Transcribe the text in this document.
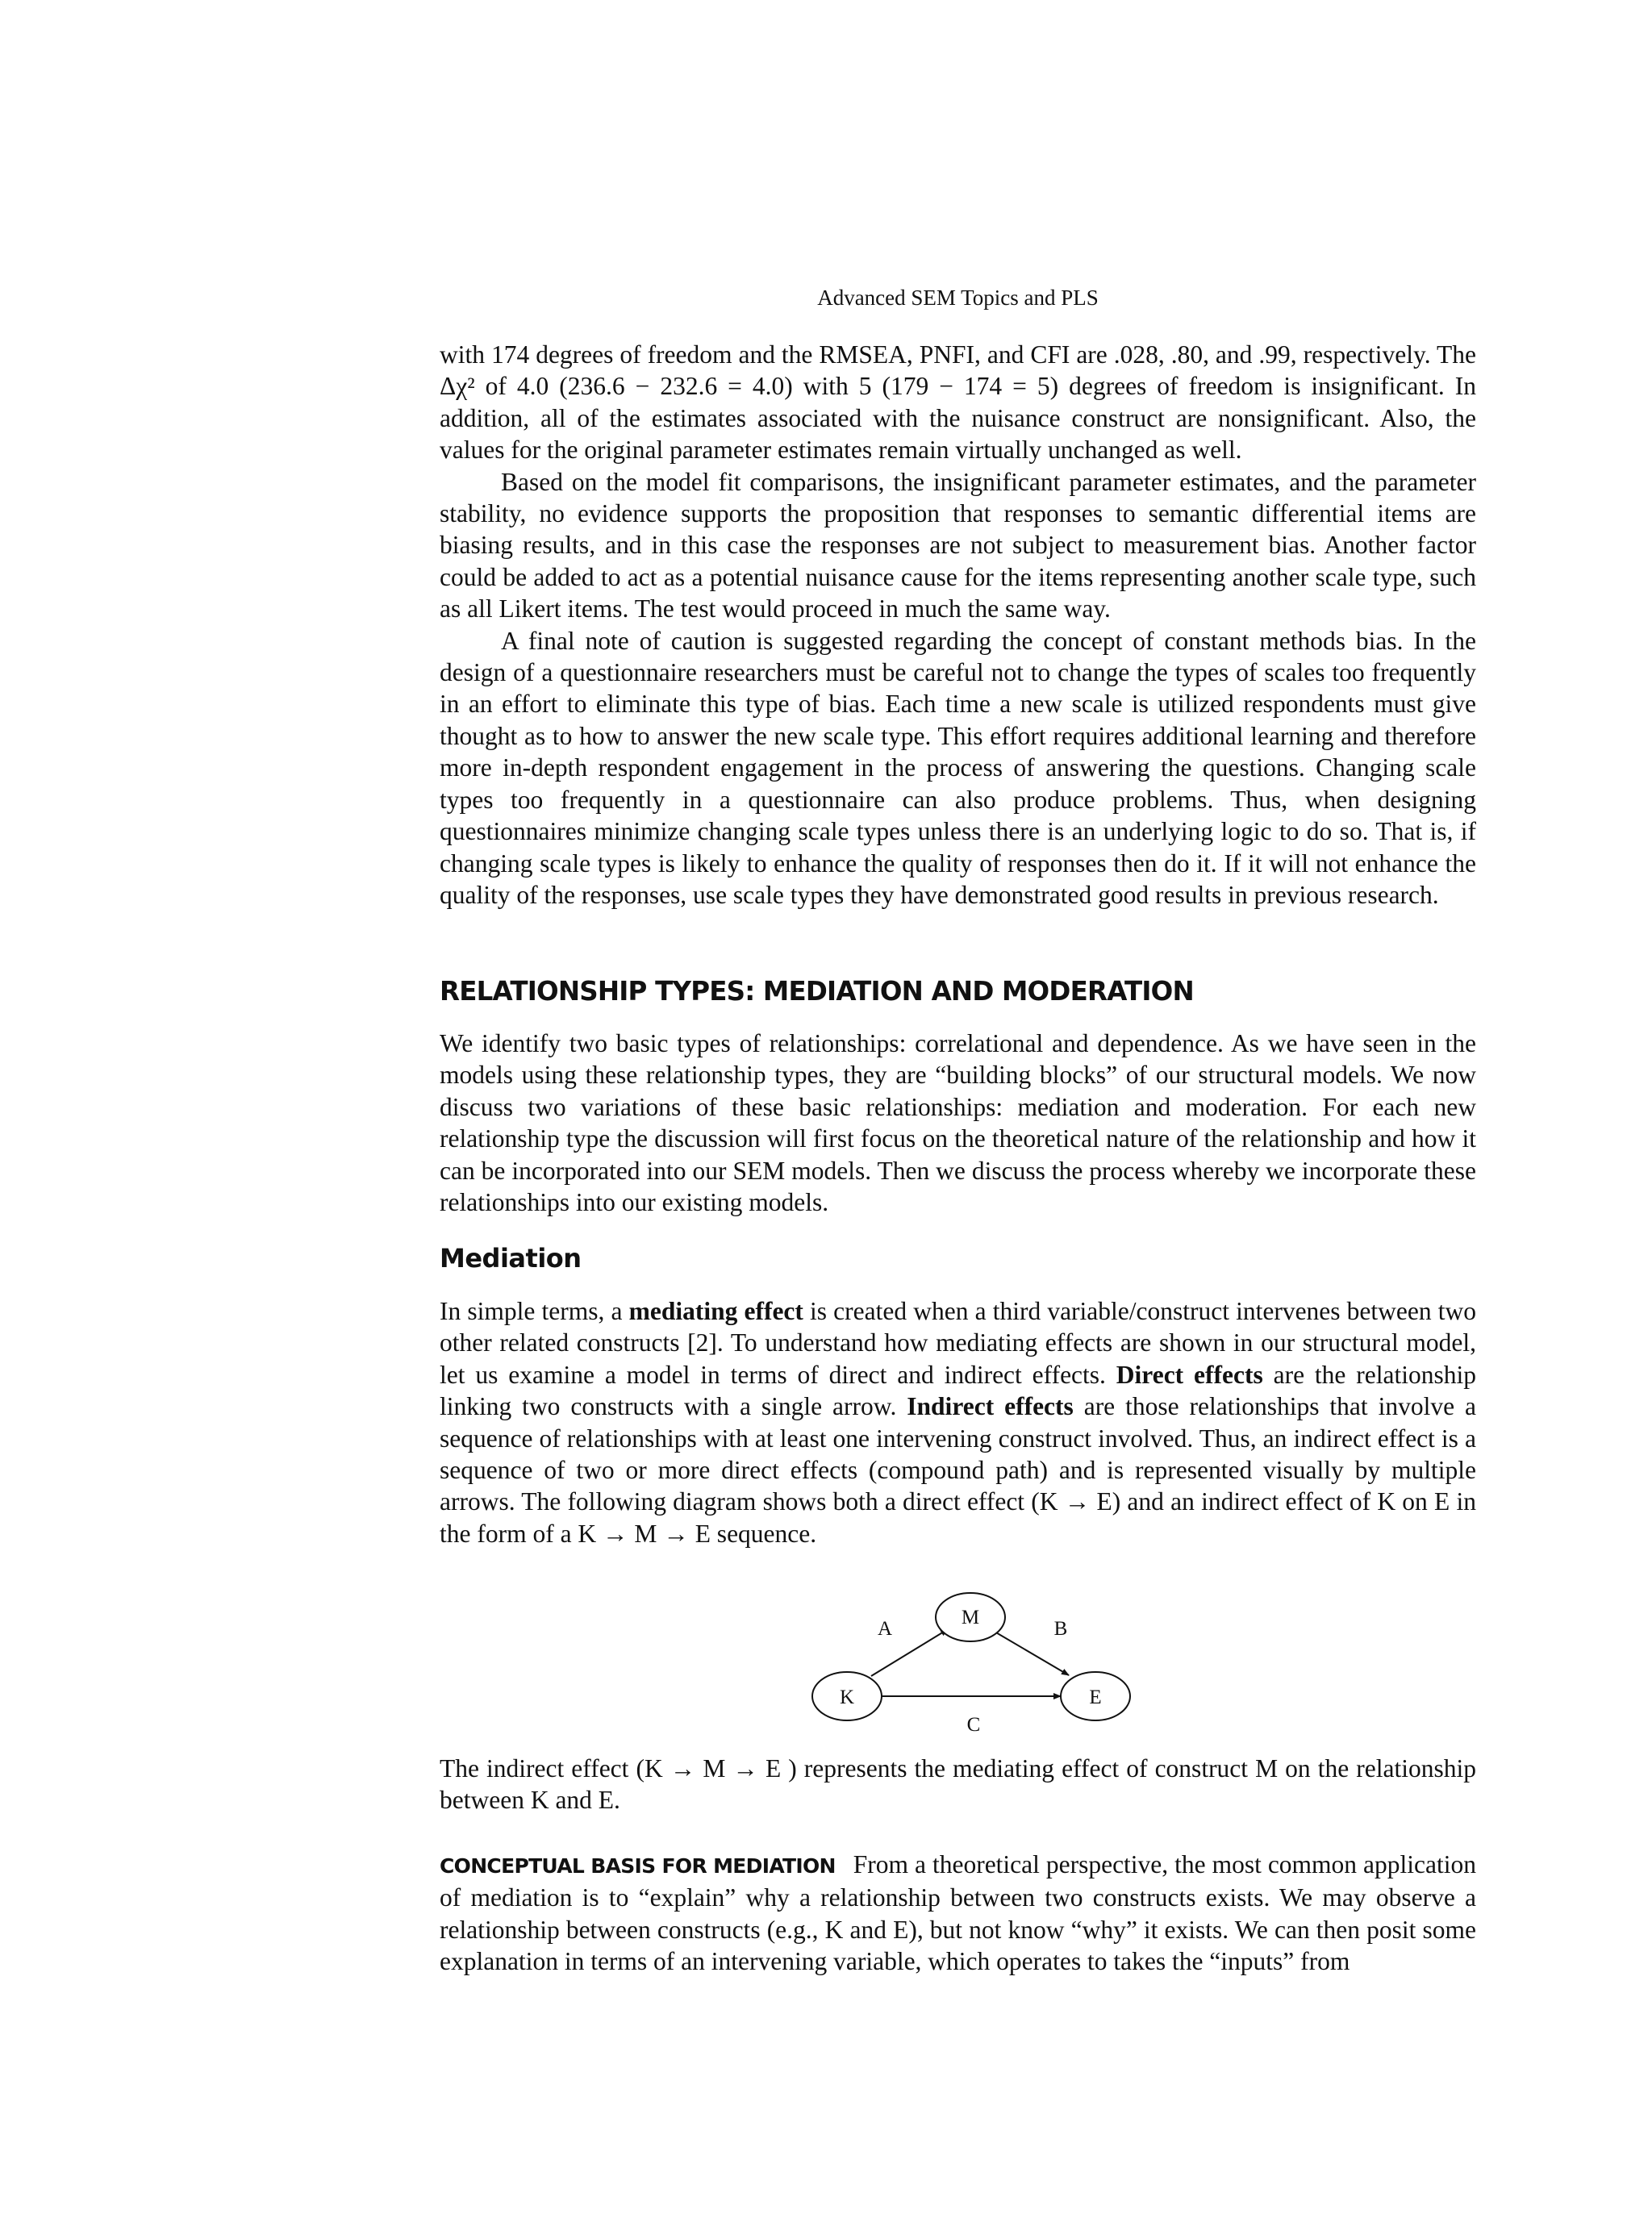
Advanced SEM Topics and PLS

with 174 degrees of freedom and the RMSEA, PNFI, and CFI are .028, .80, and .99, respectively. The Δχ² of 4.0 (236.6 − 232.6 = 4.0) with 5 (179 − 174 = 5) degrees of freedom is insignificant. In addition, all of the estimates associated with the nuisance construct are nonsignificant. Also, the values for the original parameter estimates remain virtually unchanged as well.

Based on the model fit comparisons, the insignificant parameter estimates, and the parameter stability, no evidence supports the proposition that responses to semantic differential items are biasing results, and in this case the responses are not subject to measurement bias. Another factor could be added to act as a potential nuisance cause for the items representing another scale type, such as all Likert items. The test would proceed in much the same way.

A final note of caution is suggested regarding the concept of constant methods bias. In the design of a questionnaire researchers must be careful not to change the types of scales too frequently in an effort to eliminate this type of bias. Each time a new scale is utilized respondents must give thought as to how to answer the new scale type. This effort requires additional learning and therefore more in-depth respondent engagement in the process of answering the questions. Changing scale types too frequently in a questionnaire can also produce problems. Thus, when designing questionnaires minimize changing scale types unless there is an underlying logic to do so. That is, if changing scale types is likely to enhance the quality of responses then do it. If it will not enhance the quality of the responses, use scale types they have demonstrated good results in previous research.

RELATIONSHIP TYPES: MEDIATION AND MODERATION

We identify two basic types of relationships: correlational and dependence. As we have seen in the models using these relationship types, they are “building blocks” of our structural models. We now discuss two variations of these basic relationships: mediation and moderation. For each new relationship type the discussion will first focus on the theoretical nature of the relationship and how it can be incorporated into our SEM models. Then we discuss the process whereby we incorporate these relationships into our existing models.

Mediation

In simple terms, a mediating effect is created when a third variable/construct intervenes between two other related constructs [2]. To understand how mediating effects are shown in our structural model, let us examine a model in terms of direct and indirect effects. Direct effects are the relationship linking two constructs with a single arrow. Indirect effects are those relationships that involve a sequence of relationships with at least one intervening construct involved. Thus, an indirect effect is a sequence of two or more direct effects (compound path) and is represented visually by multiple arrows. The following diagram shows both a direct effect (K → E) and an indirect effect of K on E in the form of a K → M → E sequence.

M
K	E
A	B
C

The indirect effect (K → M → E ) represents the mediating effect of construct M on the relationship between K and E.

CONCEPTUAL BASIS FOR MEDIATION From a theoretical perspective, the most common application of mediation is to “explain” why a relationship between two constructs exists. We may observe a relationship between constructs (e.g., K and E), but not know “why” it exists. We can then posit some explanation in terms of an intervening variable, which operates to takes the “inputs” from
